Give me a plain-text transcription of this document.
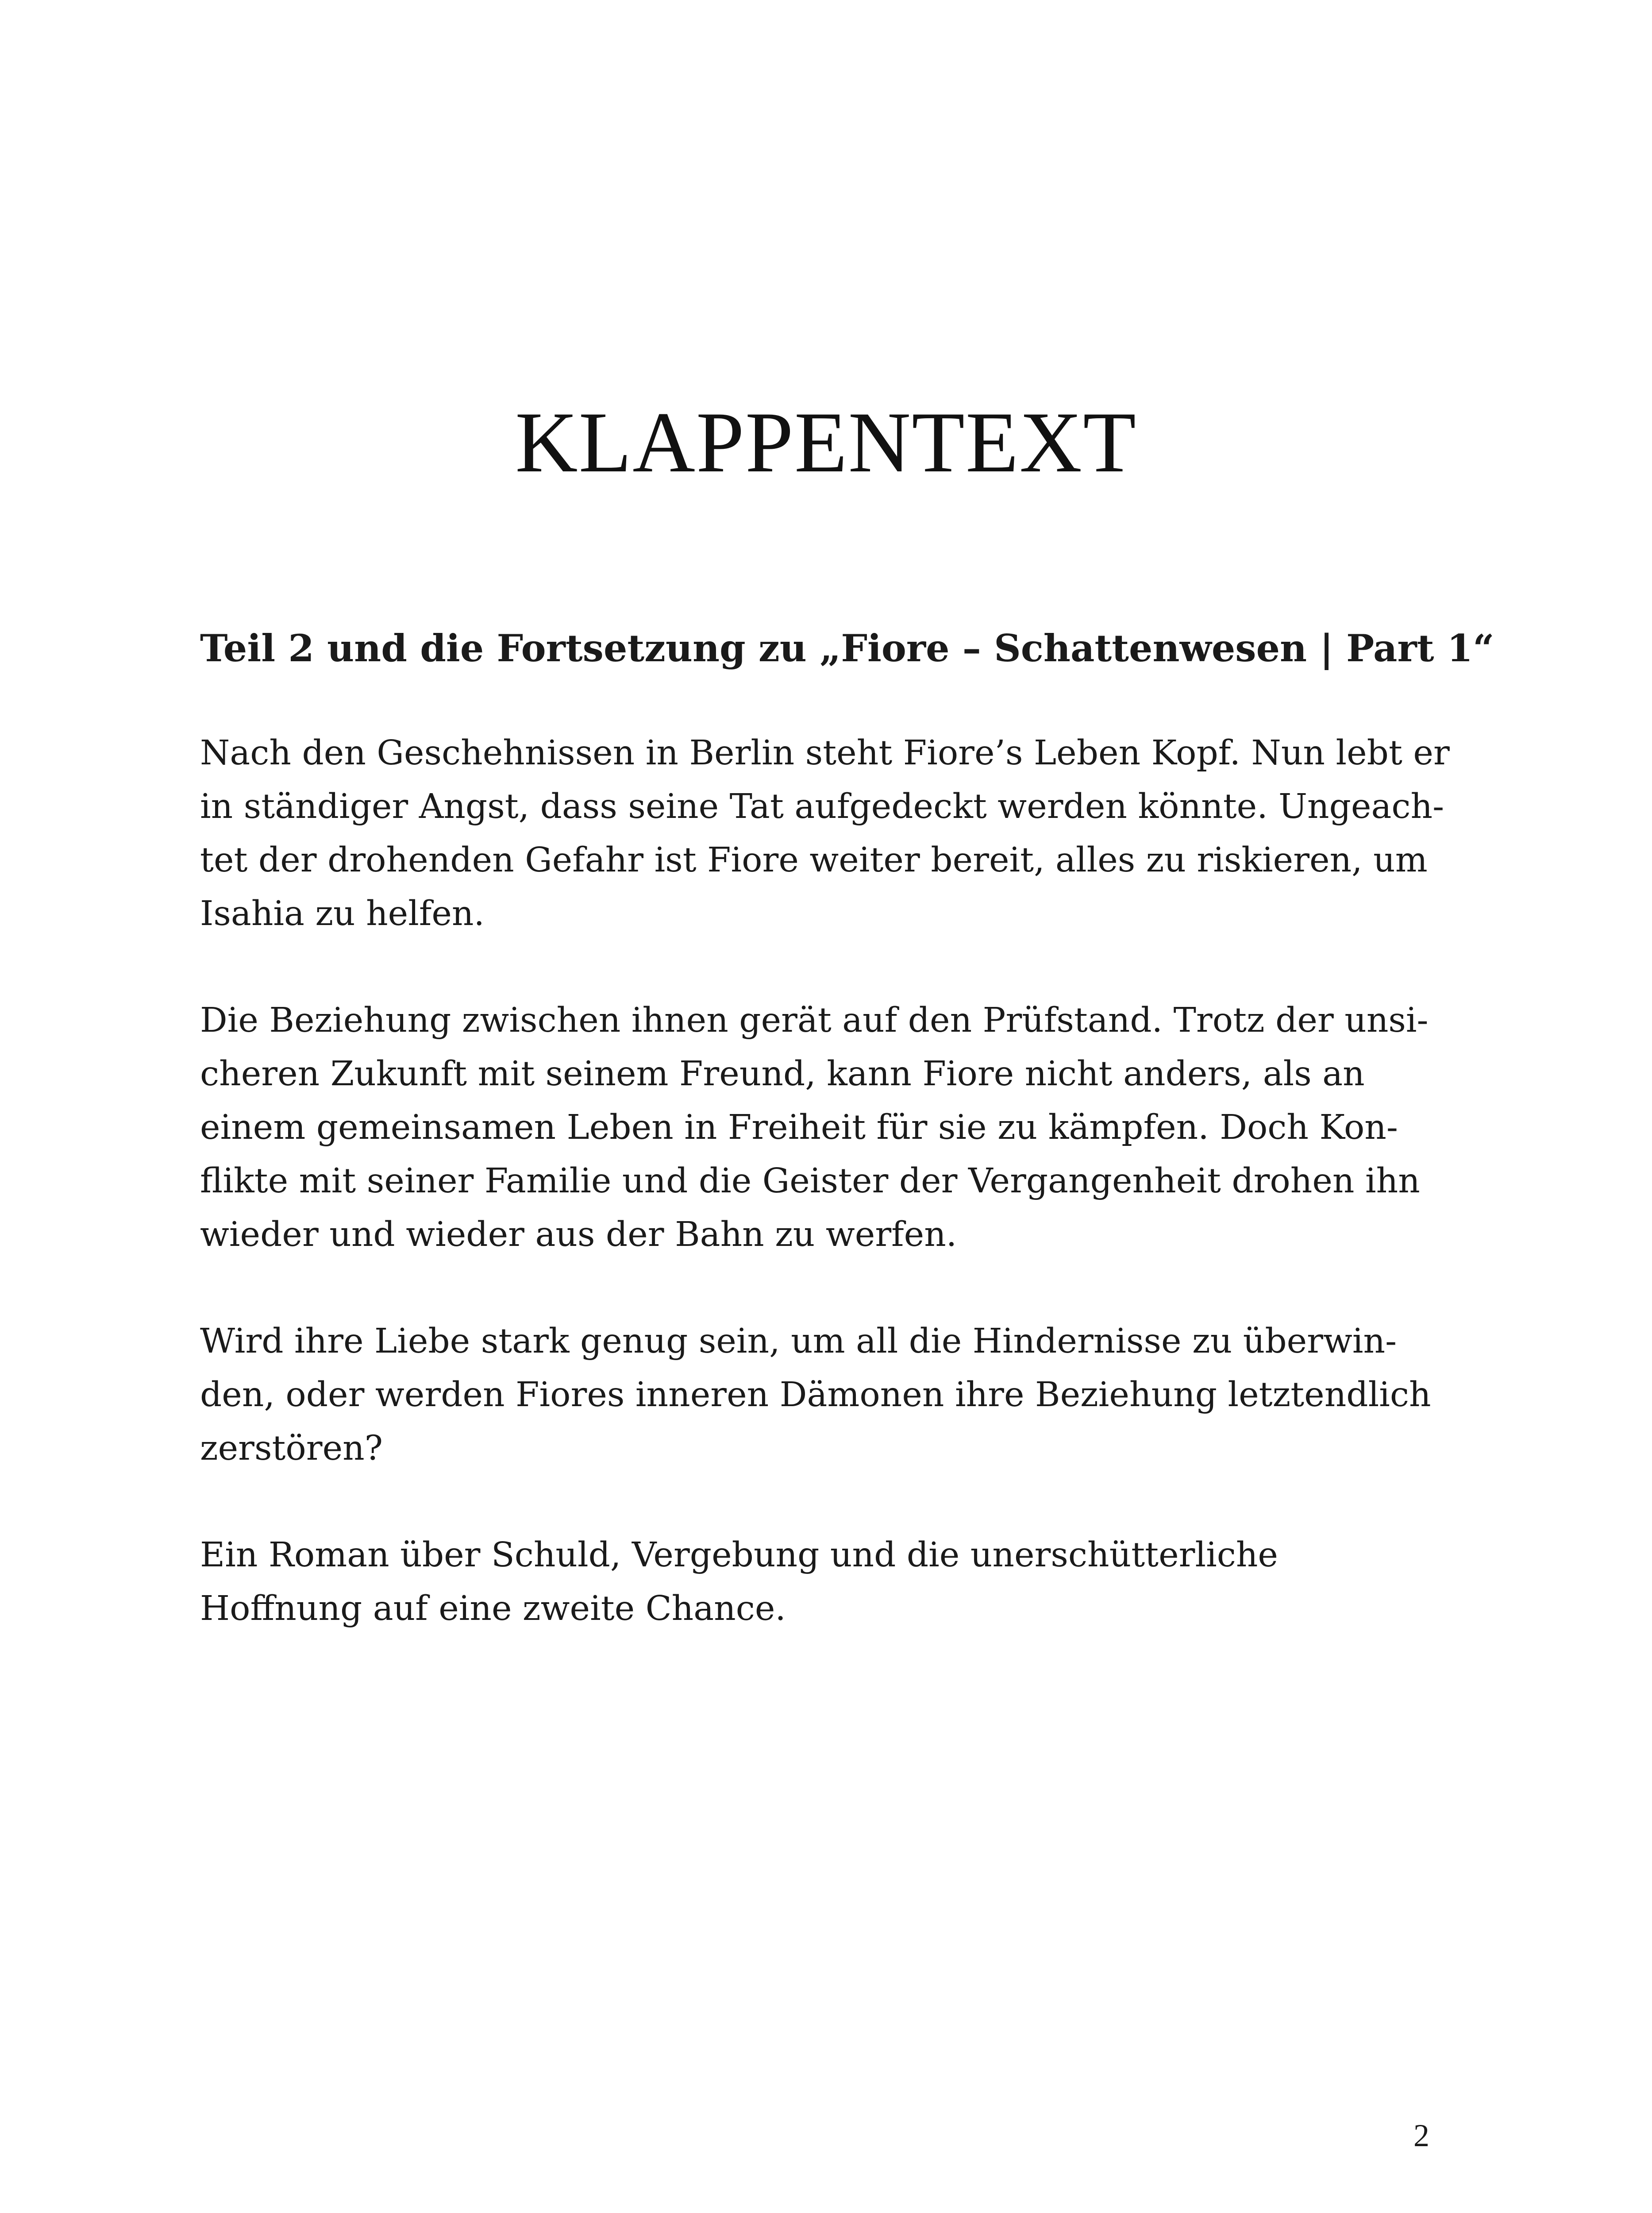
KLAPPENTEXT

Teil 2 und die Fortsetzung zu „Fiore – Schattenwesen | Part 1“

Nach den Geschehnissen in Berlin steht Fiore’s Leben Kopf. Nun lebt er
in ständiger Angst, dass seine Tat aufgedeckt werden könnte. Ungeach-
tet der drohenden Gefahr ist Fiore weiter bereit, alles zu riskieren, um
Isahia zu helfen.

Die Beziehung zwischen ihnen gerät auf den Prüfstand. Trotz der unsi-
cheren Zukunft mit seinem Freund, kann Fiore nicht anders, als an
einem gemeinsamen Leben in Freiheit für sie zu kämpfen. Doch Kon-
flikte mit seiner Familie und die Geister der Vergangenheit drohen ihn
wieder und wieder aus der Bahn zu werfen.

Wird ihre Liebe stark genug sein, um all die Hindernisse zu überwin-
den, oder werden Fiores inneren Dämonen ihre Beziehung letztendlich
zerstören?

Ein Roman über Schuld, Vergebung und die unerschütterliche
Hoffnung auf eine zweite Chance.

2
